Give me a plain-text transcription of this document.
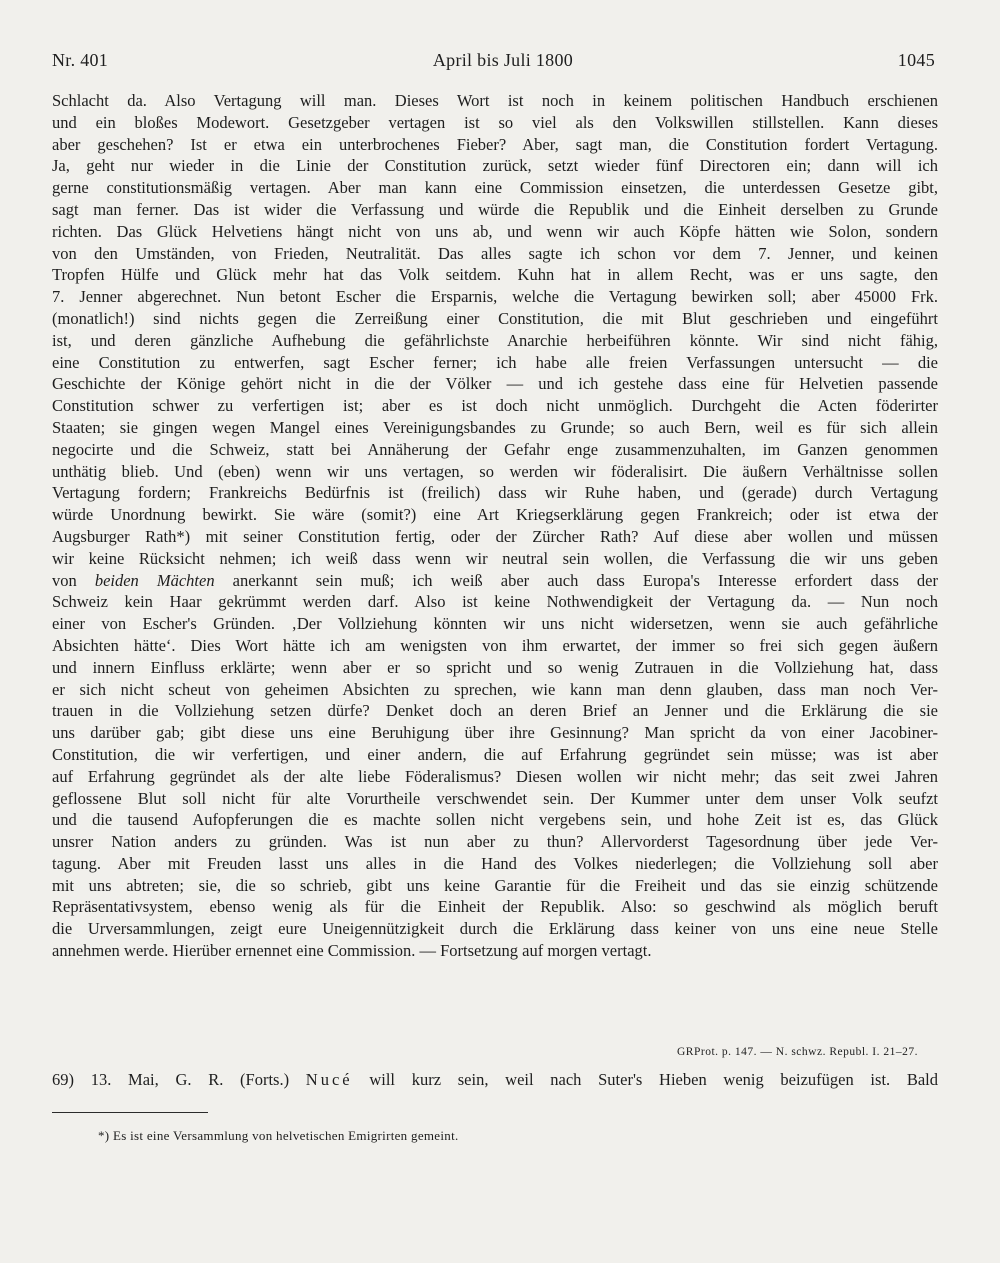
Nr. 401	April bis Juli 1800	1045
Schlacht da. Also Vertagung will man. Dieses Wort ist noch in keinem politischen Handbuch erschienen
und ein bloßes Modewort. Gesetzgeber vertagen ist so viel als den Volkswillen stillstellen. Kann dieses
aber geschehen? Ist er etwa ein unterbrochenes Fieber? Aber, sagt man, die Constitution fordert Vertagung.
Ja, geht nur wieder in die Linie der Constitution zurück, setzt wieder fünf Directoren ein; dann will ich
gerne constitutionsmäßig vertagen. Aber man kann eine Commission einsetzen, die unterdessen Gesetze gibt,
sagt man ferner. Das ist wider die Verfassung und würde die Republik und die Einheit derselben zu Grunde
richten. Das Glück Helvetiens hängt nicht von uns ab, und wenn wir auch Köpfe hätten wie Solon, sondern
von den Umständen, von Frieden, Neutralität. Das alles sagte ich schon vor dem 7. Jenner, und keinen
Tropfen Hülfe und Glück mehr hat das Volk seitdem. Kuhn hat in allem Recht, was er uns sagte, den
7. Jenner abgerechnet. Nun betont Escher die Ersparnis, welche die Vertagung bewirken soll; aber 45000 Frk.
(monatlich!) sind nichts gegen die Zerreißung einer Constitution, die mit Blut geschrieben und eingeführt
ist, und deren gänzliche Aufhebung die gefährlichste Anarchie herbeiführen könnte. Wir sind nicht fähig,
eine Constitution zu entwerfen, sagt Escher ferner; ich habe alle freien Verfassungen untersucht — die
Geschichte der Könige gehört nicht in die der Völker — und ich gestehe dass eine für Helvetien passende
Constitution schwer zu verfertigen ist; aber es ist doch nicht unmöglich. Durchgeht die Acten föderirter
Staaten; sie gingen wegen Mangel eines Vereinigungsbandes zu Grunde; so auch Bern, weil es für sich allein
negocirte und die Schweiz, statt bei Annäherung der Gefahr enge zusammenzuhalten, im Ganzen genommen
unthätig blieb. Und (eben) wenn wir uns vertagen, so werden wir föderalisirt. Die äußern Verhältnisse sollen
Vertagung fordern; Frankreichs Bedürfnis ist (freilich) dass wir Ruhe haben, und (gerade) durch Vertagung
würde Unordnung bewirkt. Sie wäre (somit?) eine Art Kriegserklärung gegen Frankreich; oder ist etwa der
Augsburger Rath*) mit seiner Constitution fertig, oder der Zürcher Rath? Auf diese aber wollen und müssen
wir keine Rücksicht nehmen; ich weiß dass wenn wir neutral sein wollen, die Verfassung die wir uns geben
von beiden Mächten anerkannt sein muß; ich weiß aber auch dass Europa's Interesse erfordert dass der
Schweiz kein Haar gekrümmt werden darf. Also ist keine Nothwendigkeit der Vertagung da. — Nun noch
einer von Escher's Gründen. ‚Der Vollziehung könnten wir uns nicht widersetzen, wenn sie auch gefährliche
Absichten hätte‘. Dies Wort hätte ich am wenigsten von ihm erwartet, der immer so frei sich gegen äußern
und innern Einfluss erklärte; wenn aber er so spricht und so wenig Zutrauen in die Vollziehung hat, dass
er sich nicht scheut von geheimen Absichten zu sprechen, wie kann man denn glauben, dass man noch Ver-
trauen in die Vollziehung setzen dürfe? Denket doch an deren Brief an Jenner und die Erklärung die sie
uns darüber gab; gibt diese uns eine Beruhigung über ihre Gesinnung? Man spricht da von einer Jacobiner-
Constitution, die wir verfertigen, und einer andern, die auf Erfahrung gegründet sein müsse; was ist aber
auf Erfahrung gegründet als der alte liebe Föderalismus? Diesen wollen wir nicht mehr; das seit zwei Jahren
geflossene Blut soll nicht für alte Vorurtheile verschwendet sein. Der Kummer unter dem unser Volk seufzt
und die tausend Aufopferungen die es machte sollen nicht vergebens sein, und hohe Zeit ist es, das Glück
unsrer Nation anders zu gründen. Was ist nun aber zu thun? Allervorderst Tagesordnung über jede Ver-
tagung. Aber mit Freuden lasst uns alles in die Hand des Volkes niederlegen; die Vollziehung soll aber
mit uns abtreten; sie, die so schrieb, gibt uns keine Garantie für die Freiheit und das sie einzig schützende
Repräsentativsystem, ebenso wenig als für die Einheit der Republik. Also: so geschwind als möglich beruft
die Urversammlungen, zeigt eure Uneigennützigkeit durch die Erklärung dass keiner von uns eine neue Stelle
annehmen werde. Hierüber ernennet eine Commission. — Fortsetzung auf morgen vertagt.
GRProt. p. 147. — N. schwz. Republ. I. 21–27.
69) 13. Mai, G. R. (Forts.) Nucé will kurz sein, weil nach Suter's Hieben wenig beizufügen ist. Bald
*) Es ist eine Versammlung von helvetischen Emigrirten gemeint.
